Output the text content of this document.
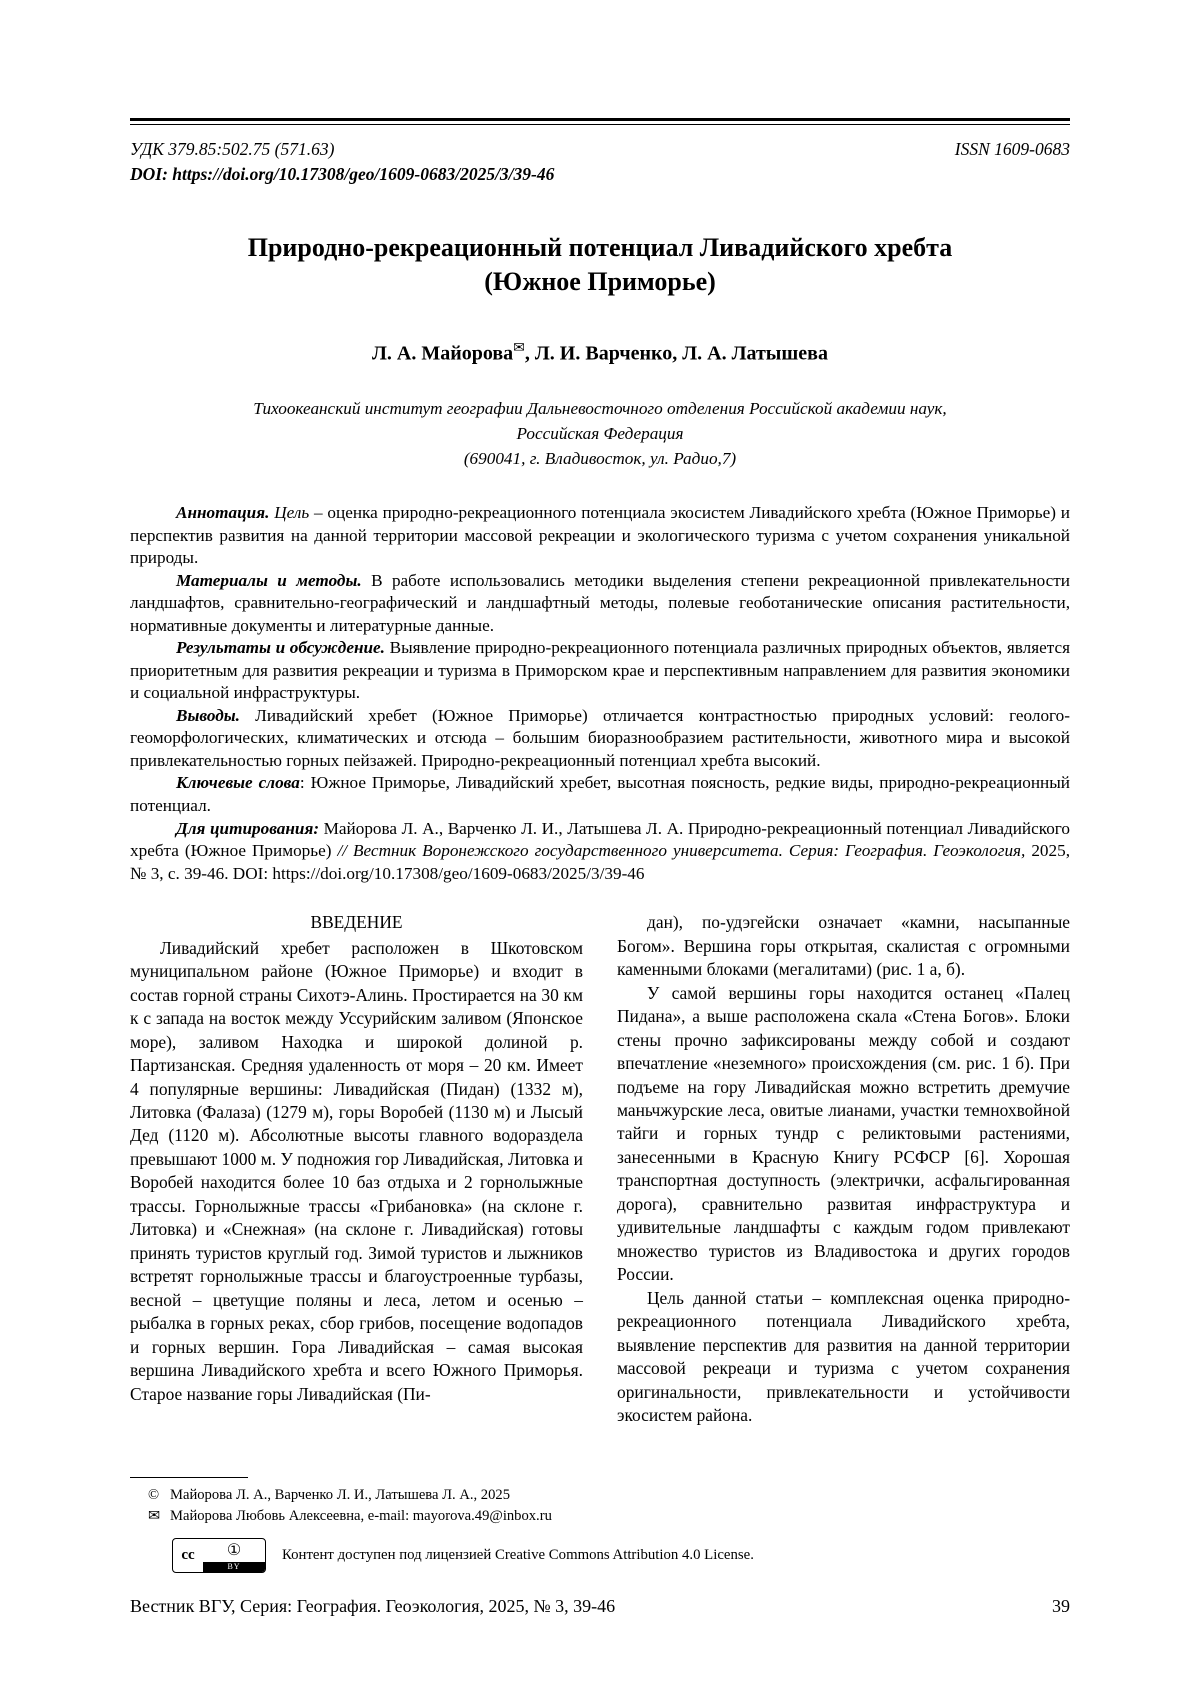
УДК 379.85:502.75 (571.63)	ISSN 1609-0683
DOI: https://doi.org/10.17308/geo/1609-0683/2025/3/39-46
Природно-рекреационный потенциал Ливадийского хребта
(Южное Приморье)
Л. А. Майорова✉, Л. И. Варченко, Л. А. Латышева
Тихоокеанский институт географии Дальневосточного отделения Российской академии наук,
Российская Федерация
(690041, г. Владивосток, ул. Радио,7)

Аннотация. Цель – оценка природно-рекреационного потенциала экосистем Ливадийского хребта (Южное Приморье) и перспектив развития на данной территории массовой рекреации и экологического туризма с учетом сохранения уникальной природы.

Материалы и методы. В работе использовались методики выделения степени рекреационной привлекательности ландшафтов, сравнительно-географический и ландшафтный методы, полевые геоботанические описания растительности, нормативные документы и литературные данные.

Результаты и обсуждение. Выявление природно-рекреационного потенциала различных природных объектов, является приоритетным для развития рекреации и туризма в Приморском крае и перспективным направлением для развития экономики и социальной инфраструктуры.

Выводы. Ливадийский хребет (Южное Приморье) отличается контрастностью природных условий: геолого-геоморфологических, климатических и отсюда – большим биоразнообразием растительности, животного мира и высокой привлекательностью горных пейзажей. Природно-рекреационный потенциал хребта высокий.

Ключевые слова: Южное Приморье, Ливадийский хребет, высотная поясность, редкие виды, природно-рекреационный потенциал.

Для цитирования: Майорова Л. А., Варченко Л. И., Латышева Л. А. Природно-рекреационный потенциал Ливадийского хребта (Южное Приморье) // Вестник Воронежского государственного университета. Серия: География. Геоэкология, 2025, № 3, с. 39-46. DOI: https://doi.org/10.17308/geo/1609-0683/2025/3/39-46

ВВЕДЕНИЕ

Ливадийский хребет расположен в Шкотовском муниципальном районе (Южное Приморье) и входит в состав горной страны Сихотэ-Алинь. Простирается на 30 км к с запада на восток между Уссурийским заливом (Японское море), заливом Находка и широкой долиной р. Партизанская. Средняя удаленность от моря – 20 км. Имеет 4 популярные вершины: Ливадийская (Пидан) (1332 м), Литовка (Фалаза) (1279 м), горы Воробей (1130 м) и Лысый Дед (1120 м). Абсолютные высоты главного водораздела превышают 1000 м. У подножия гор Ливадийская, Литовка и Воробей находится более 10 баз отдыха и 2 горнолыжные трассы. Горнолыжные трассы «Грибановка» (на склоне г. Литовка) и «Снежная» (на склоне г. Ливадийская) готовы принять туристов круглый год. Зимой туристов и лыжников встретят горнолыжные трассы и благоустроенные турбазы, весной – цветущие поляны и леса, летом и осенью – рыбалка в горных реках, сбор грибов, посещение водопадов и горных вершин. Гора Ливадийская – самая высокая вершина Ливадийского хребта и всего Южного Приморья. Старое название горы Ливадийская (Пи-

дан), по-удэгейски означает «камни, насыпанные Богом». Вершина горы открытая, скалистая с огромными каменными блоками (мегалитами) (рис. 1 а, б).

У самой вершины горы находится останец «Палец Пидана», а выше расположена скала «Стена Богов». Блоки стены прочно зафиксированы между собой и создают впечатление «неземного» происхождения (см. рис. 1 б). При подъеме на гору Ливадийская можно встретить дремучие маньчжурские леса, овитые лианами, участки темнохвойной тайги и горных тундр с реликтовыми растениями, занесенными в Красную Книгу РСФСР [6]. Хорошая транспортная доступность (электрички, асфальгированная дорога), сравнительно развитая инфраструктура и удивительные ландшафты с каждым годом привлекают множество туристов из Владивостока и других городов России.

Цель данной статьи – комплексная оценка природно-рекреационного потенциала Ливадийского хребта, выявление перспектив для развития на данной территории массовой рекреаци и туризма с учетом сохранения оригинальности, привлекательности и устойчивости экосистем района.

© Майорова Л. А., Варченко Л. И., Латышева Л. А., 2025
✉ Майорова Любовь Алексеевна, e-mail: mayorova.49@inbox.ru
cc	①
BY
Контент доступен под лицензией Creative Commons Attribution 4.0 License.
Вестник ВГУ, Серия: География. Геоэкология, 2025, № 3, 39-46	39
